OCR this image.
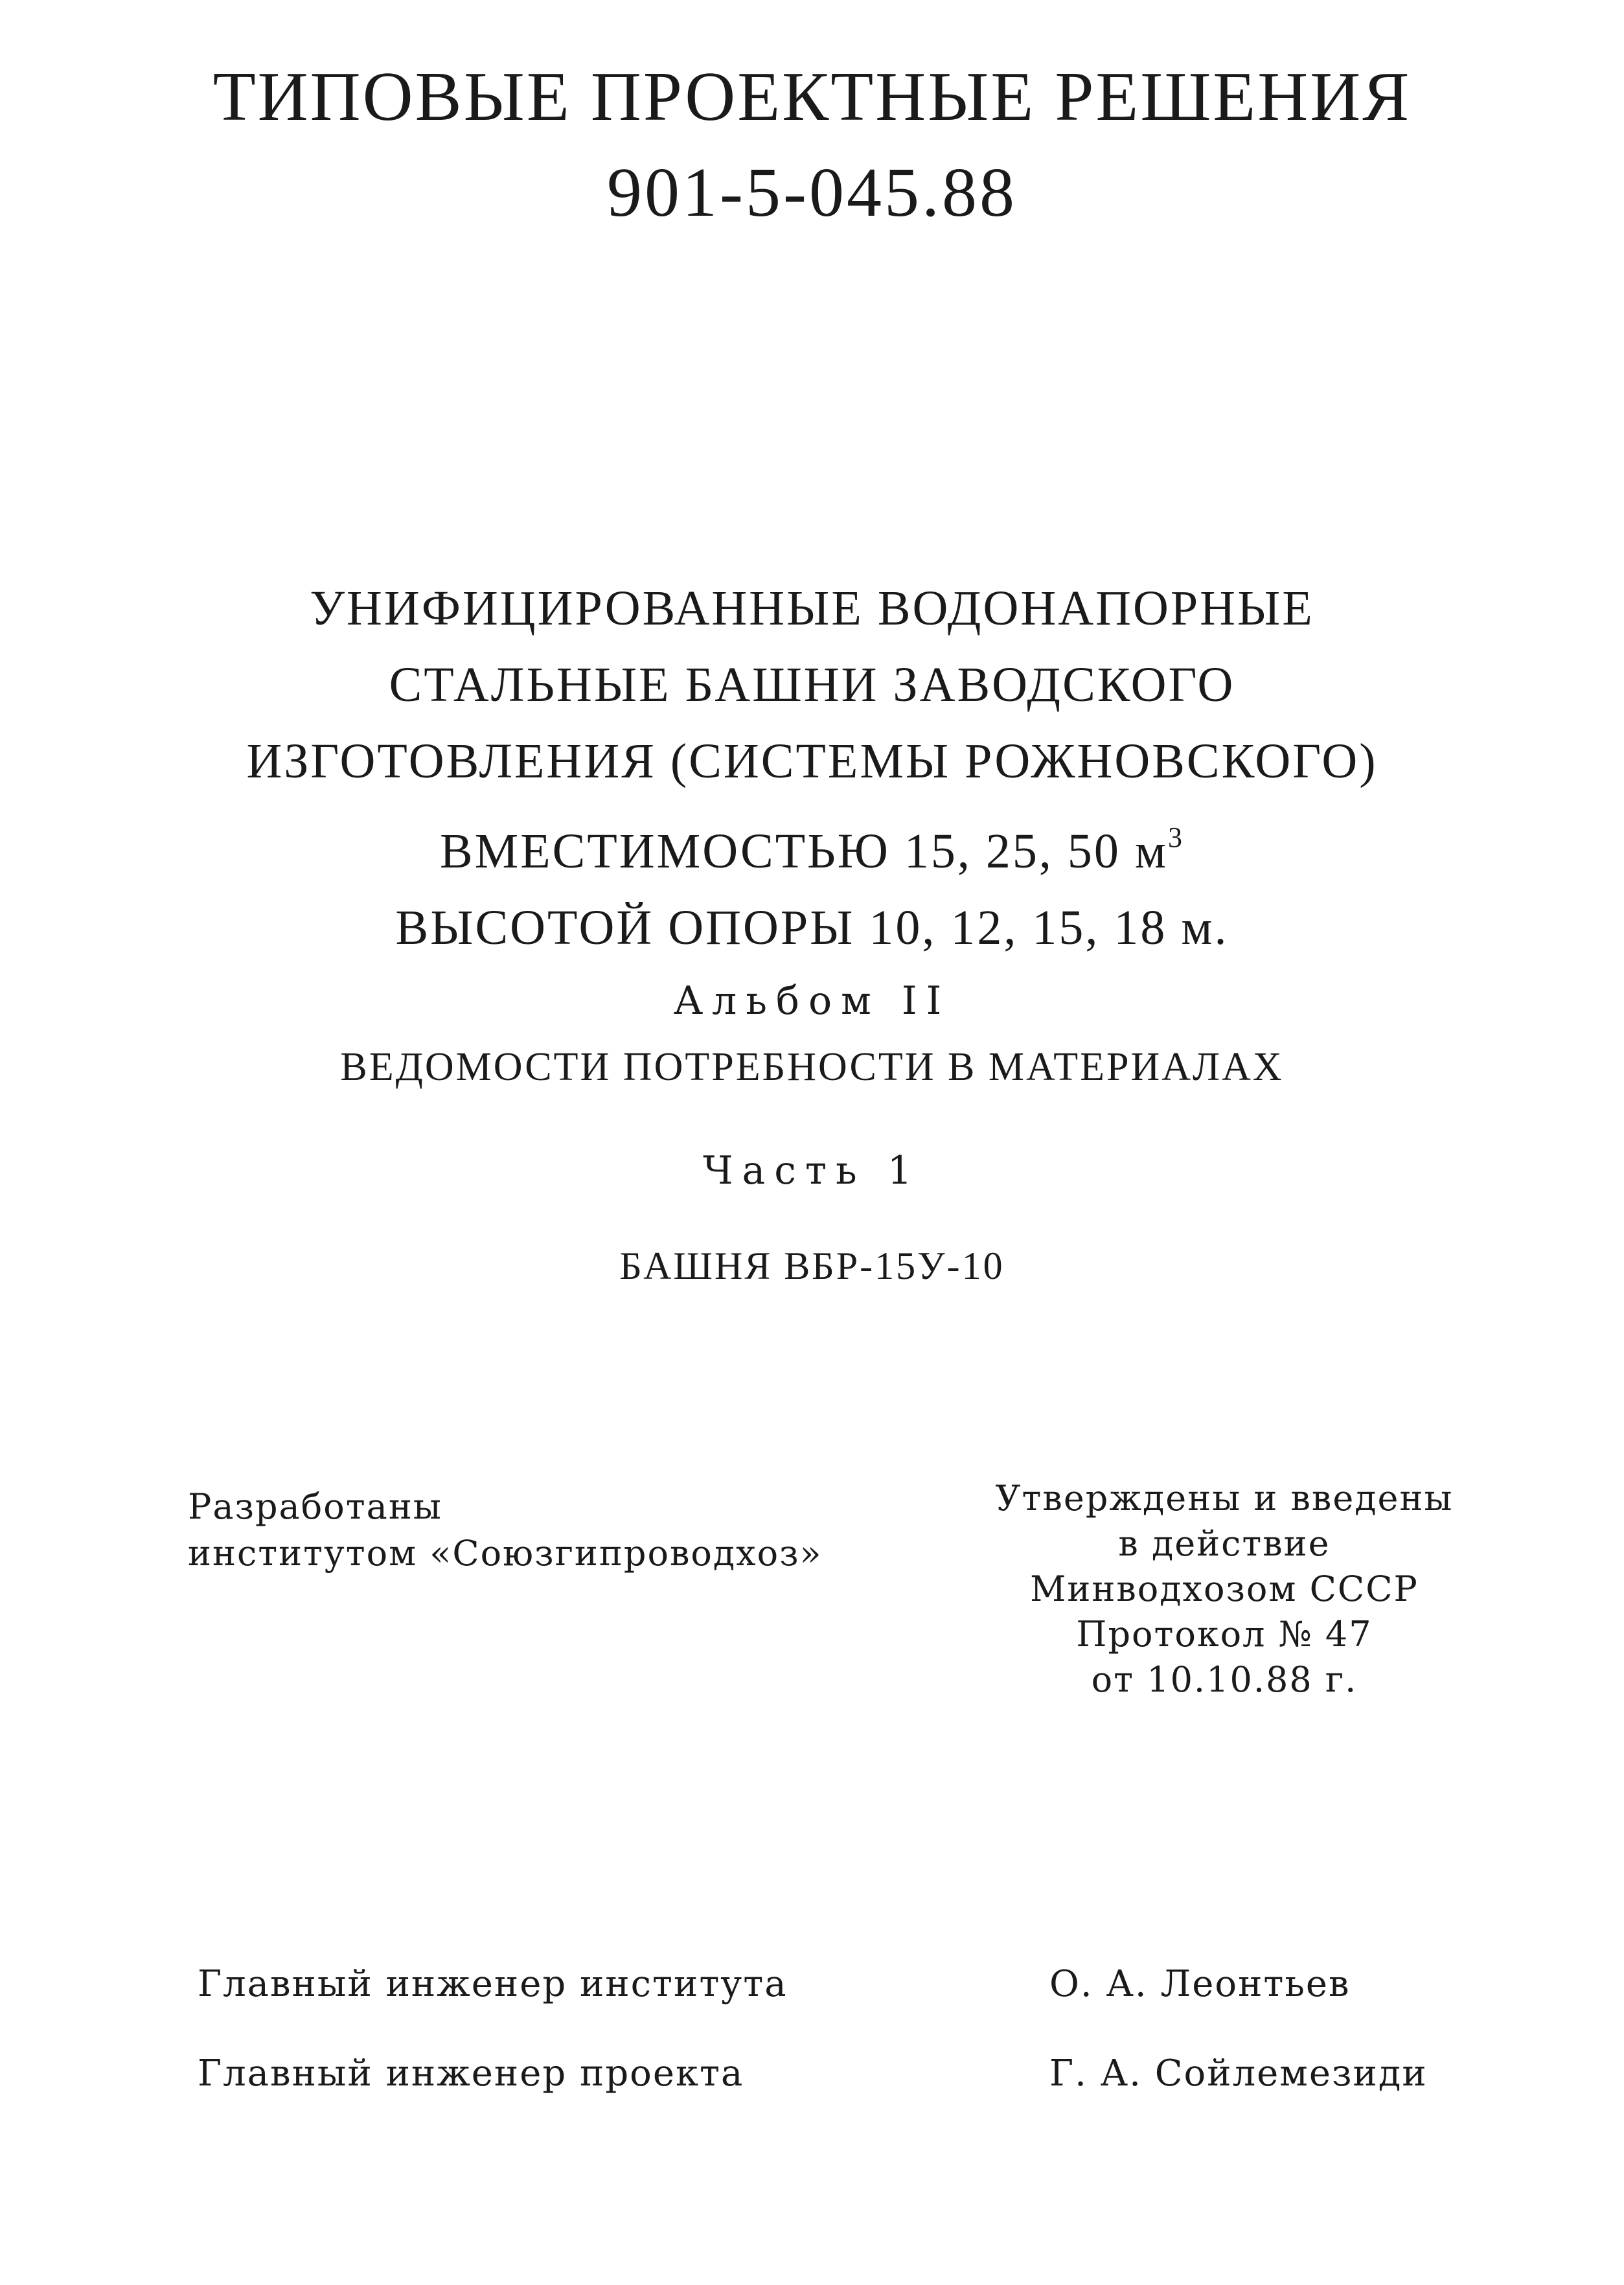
ТИПОВЫЕ ПРОЕКТНЫЕ РЕШЕНИЯ
901-5-045.88
УНИФИЦИРОВАННЫЕ ВОДОНАПОРНЫЕ
СТАЛЬНЫЕ БАШНИ ЗАВОДСКОГО
ИЗГОТОВЛЕНИЯ (СИСТЕМЫ РОЖНОВСКОГО)
ВМЕСТИМОСТЬЮ 15, 25, 50 $м^3$
ВЫСОТОЙ ОПОРЫ 10, 12, 15, 18 м.
Альбом II
ВЕДОМОСТИ ПОТРЕБНОСТИ В МАТЕРИАЛАХ
Часть 1
БАШНЯ ВБР-15У-10
Разработаны
институтом «Союзгипроводхоз»
Утверждены и введены
в действие
Минводхозом СССР
Протокол № 47
от 10.10.88 г.
Главный инженер института	О. А. Леонтьев
Главный инженер проекта	Г. А. Сойлемезиди
